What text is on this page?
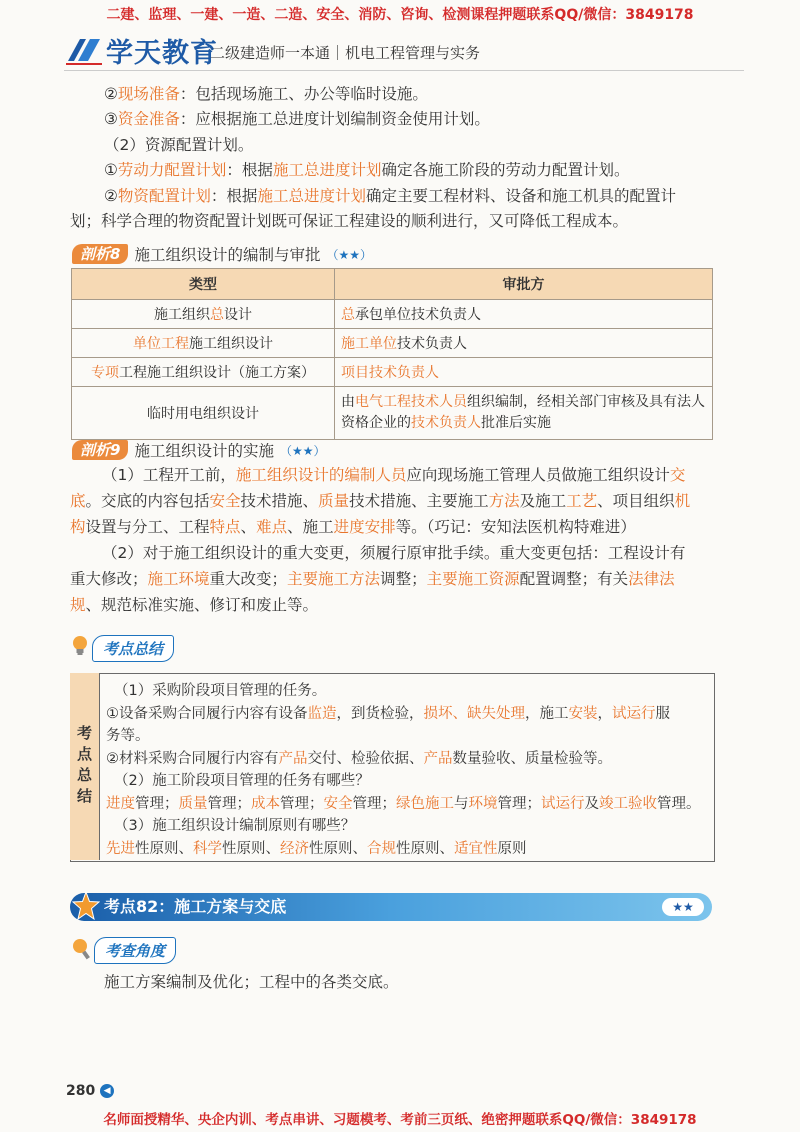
二建、监理、一建、一造、二造、安全、消防、咨询、检测课程押题联系QQ/微信：3849178
学天教育
二级建造师一本通｜机电工程管理与实务
②现场准备：包括现场施工、办公等临时设施。
③资金准备：应根据施工总进度计划编制资金使用计划。
（2）资源配置计划。
①劳动力配置计划：根据施工总进度计划确定各施工阶段的劳动力配置计划。
②物资配置计划：根据施工总进度计划确定主要工程材料、设备和施工机具的配置计
划；科学合理的物资配置计划既可保证工程建设的顺利进行，又可降低工程成本。
剖析8 施工组织设计的编制与审批 （★★）
类型	审批方
施工组织总设计	总承包单位技术负责人
单位工程施工组织设计	施工单位技术负责人
专项工程施工组织设计（施工方案）	项目技术负责人
临时用电组织设计	由电气工程技术人员组织编制，经相关部门审核及具有法人
资格企业的技术负责人批准后实施
剖析9 施工组织设计的实施 （★★）
（1）工程开工前，施工组织设计的编制人员应向现场施工管理人员做施工组织设计交
底。交底的内容包括安全技术措施、质量技术措施、主要施工方法及施工工艺、项目组织机
构设置与分工、工程特点、难点、施工进度安排等。（巧记：安知法医机构特难进）
（2）对于施工组织设计的重大变更，须履行原审批手续。重大变更包括：工程设计有
重大修改；施工环境重大改变；主要施工方法调整；主要施工资源配置调整；有关法律法
规、规范标准实施、修订和废止等。
考点总结
考
点
总
结
（1）采购阶段项目管理的任务。
①设备采购合同履行内容有设备监造，到货检验，损坏、缺失处理，施工安装，试运行服
务等。
②材料采购合同履行内容有产品交付、检验依据、产品数量验收、质量检验等。
（2）施工阶段项目管理的任务有哪些？
进度管理；质量管理；成本管理；安全管理；绿色施工与环境管理；试运行及竣工验收管理。
（3）施工组织设计编制原则有哪些？
先进性原则、科学性原则、经济性原则、合规性原则、适宜性原则
考点82：施工方案与交底	★★
考查角度
施工方案编制及优化；工程中的各类交底。
280 ◀
名师面授精华、央企内训、考点串讲、习题模考、考前三页纸、绝密押题联系QQ/微信：3849178
